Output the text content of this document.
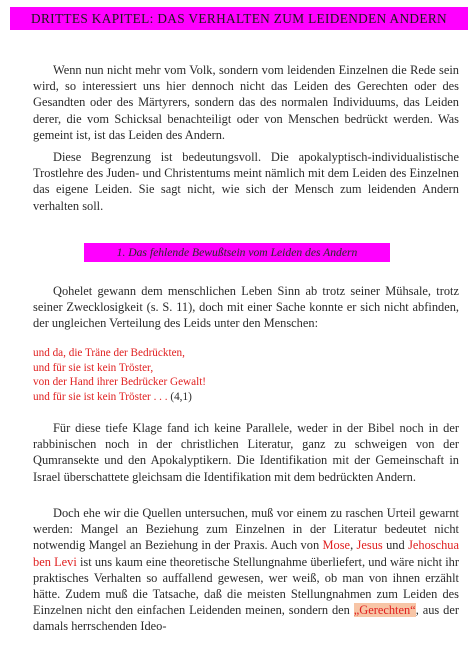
DRITTES KAPITEL: DAS VERHALTEN ZUM LEIDENDEN ANDERN

Wenn nun nicht mehr vom Volk, sondern vom leidenden Einzelnen die Rede sein wird, so interessiert uns hier dennoch nicht das Leiden des Gerechten oder des Gesandten oder des Märtyrers, sondern das des normalen Individuums, das Leiden derer, die vom Schicksal benachteiligt oder von Menschen bedrückt werden. Was gemeint ist, ist das Leiden des Andern.

Diese Begrenzung ist bedeutungsvoll. Die apokalyptisch-individualistische Trostlehre des Juden- und Christentums meint nämlich mit dem Leiden des Einzelnen das eigene Leiden. Sie sagt nicht, wie sich der Mensch zum leidenden Andern verhalten soll.

1. Das fehlende Bewußtsein vom Leiden des Andern

Qohelet gewann dem menschlichen Leben Sinn ab trotz seiner Mühsale, trotz seiner Zwecklosigkeit (s. S. 11), doch mit einer Sache konnte er sich nicht abfinden, der ungleichen Verteilung des Leids unter den Menschen:

und da, die Träne der Bedrückten,
und für sie ist kein Tröster,
von der Hand ihrer Bedrücker Gewalt!
und für sie ist kein Tröster . . . (4,1)

Für diese tiefe Klage fand ich keine Parallele, weder in der Bibel noch in der rabbinischen noch in der christlichen Literatur, ganz zu schweigen von der Qumransekte und den Apokalyptikern. Die Identifikation mit der Gemeinschaft in Israel überschattete gleichsam die Identifikation mit dem bedrückten Andern.

Doch ehe wir die Quellen untersuchen, muß vor einem zu raschen Urteil gewarnt werden: Mangel an Beziehung zum Einzelnen in der Literatur bedeutet nicht notwendig Mangel an Beziehung in der Praxis. Auch von Mose, Jesus und Jehoschua ben Levi ist uns kaum eine theoretische Stellungnahme überliefert, und wäre nicht ihr praktisches Verhalten so auffallend gewesen, wer weiß, ob man von ihnen erzählt hätte. Zudem muß die Tatsache, daß die meisten Stellungnahmen zum Leiden des Einzelnen nicht den einfachen Leidenden meinen, sondern den „Gerechten“, aus der damals herrschenden Ideo-
